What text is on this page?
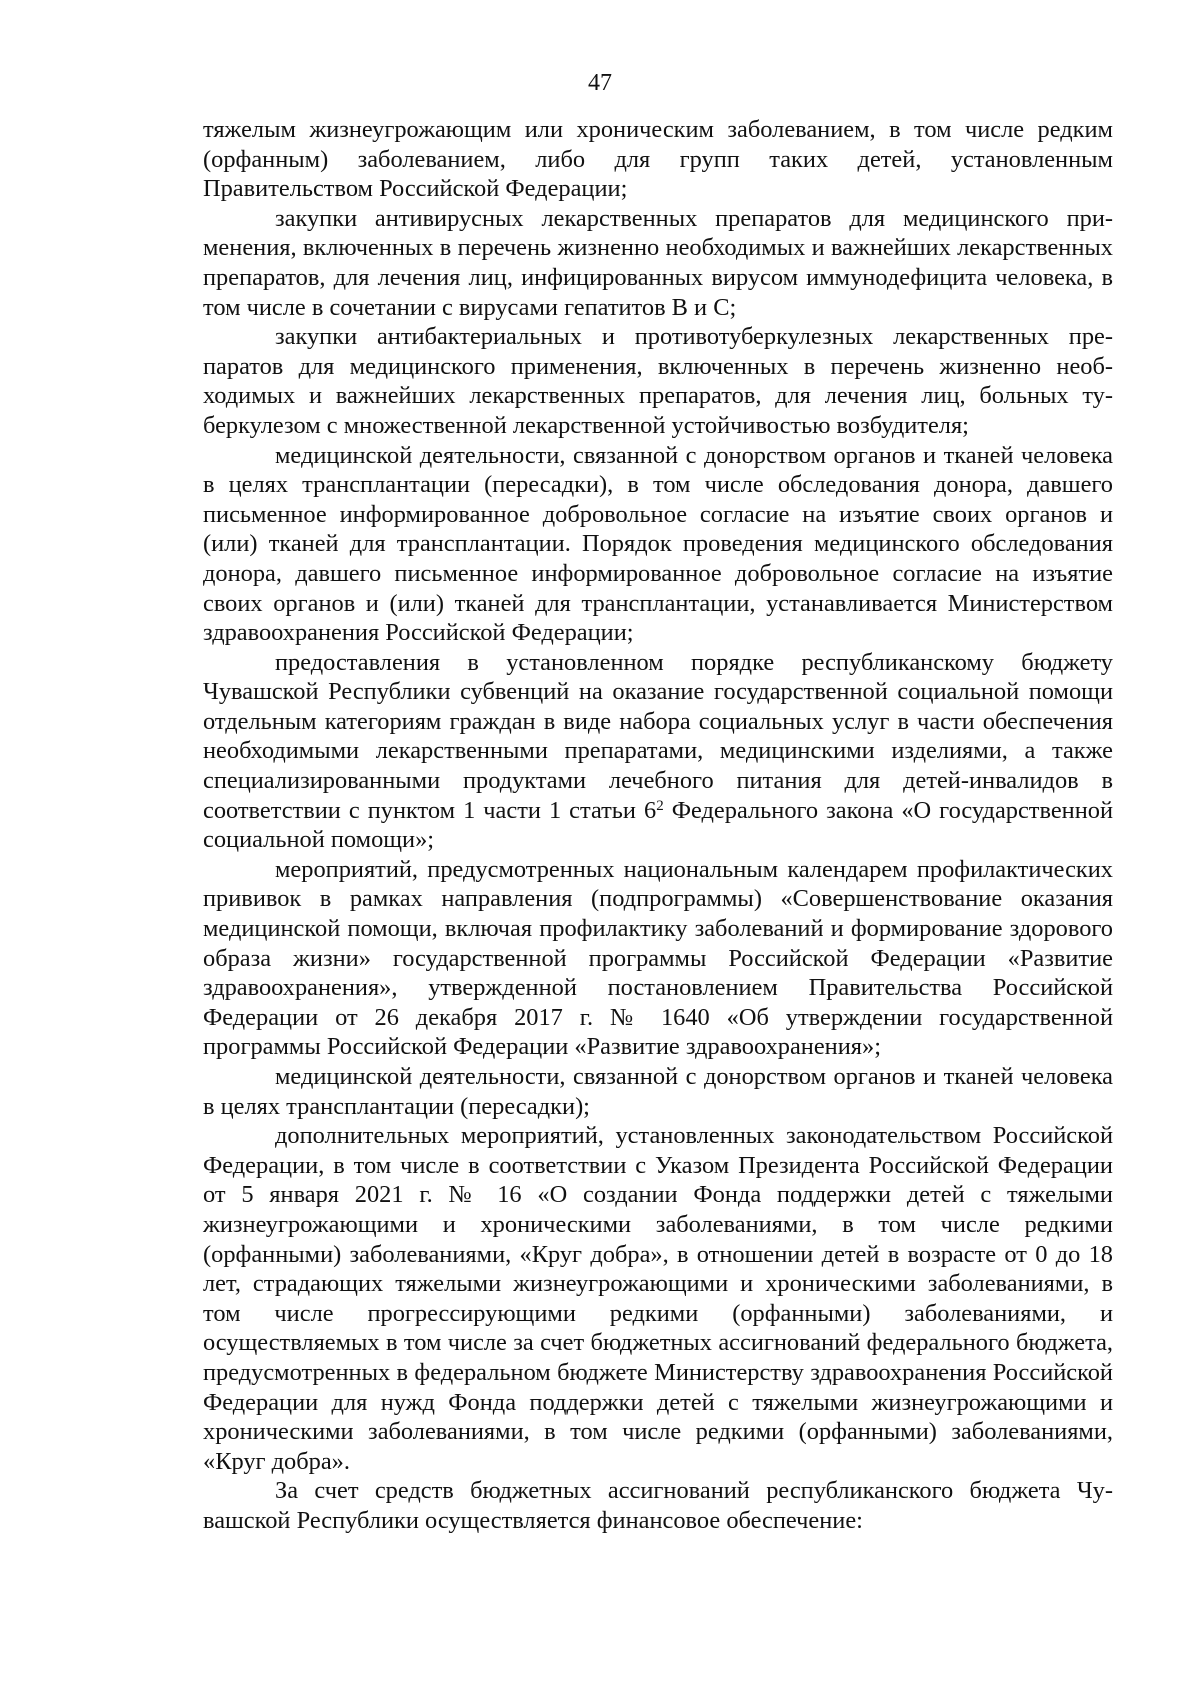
47

тяжелым жизнеугрожающим или хроническим заболеванием, в том числе редким (орфанным) заболеванием, либо для групп таких детей, установленным Правительством Российской Федерации;

закупки антивирусных лекарственных препаратов для медицинского применения, включенных в перечень жизненно необходимых и важнейших лекарственных препаратов, для лечения лиц, инфицированных вирусом иммунодефицита человека, в том числе в сочетании с вирусами гепатитов B и C;

закупки антибактериальных и противотуберкулезных лекарственных препаратов для медицинского применения, включенных в перечень жизненно необходимых и важнейших лекарственных препаратов, для лечения лиц, больных туберкулезом с множественной лекарственной устойчивостью возбудителя;

медицинской деятельности, связанной с донорством органов и тканей человека в целях трансплантации (пересадки), в том числе обследования донора, давшего письменное информированное добровольное согласие на изъятие своих органов и (или) тканей для трансплантации. Порядок проведения медицинского обследования донора, давшего письменное информированное добровольное согласие на изъятие своих органов и (или) тканей для трансплантации, устанавливается Министерством здравоохранения Российской Федерации;

предоставления в установленном порядке республиканскому бюджету Чувашской Республики субвенций на оказание государственной социальной помощи отдельным категориям граждан в виде набора социальных услуг в части обеспечения необходимыми лекарственными препаратами, медицинскими изделиями, а также специализированными продуктами лечебного питания для детей-инвалидов в соответствии с пунктом 1 части 1 статьи $6^2$ Федерального закона «О государственной социальной помощи»;

мероприятий, предусмотренных национальным календарем профилактических прививок в рамках направления (подпрограммы) «Совершенствование оказания медицинской помощи, включая профилактику заболеваний и формирование здорового образа жизни» государственной программы Российской Федерации «Развитие здравоохранения», утвержденной постановлением Правительства Российской Федерации от 26 декабря 2017 г. № 1640 «Об утверждении государственной программы Российской Федерации «Развитие здравоохранения»;

медицинской деятельности, связанной с донорством органов и тканей человека в целях трансплантации (пересадки);

дополнительных мероприятий, установленных законодательством Российской Федерации, в том числе в соответствии с Указом Президента Российской Федерации от 5 января 2021 г. № 16 «О создании Фонда поддержки детей с тяжелыми жизнеугрожающими и хроническими заболеваниями, в том числе редкими (орфанными) заболеваниями, «Круг добра», в отношении детей в возрасте от 0 до 18 лет, страдающих тяжелыми жизнеугрожающими и хроническими заболеваниями, в том числе прогрессирующими редкими (орфанными) заболеваниями, и осуществляемых в том числе за счет бюджетных ассигнований федерального бюджета, предусмотренных в федеральном бюджете Министерству здравоохранения Российской Федерации для нужд Фонда поддержки детей с тяжелыми жизнеугрожающими и хроническими заболеваниями, в том числе редкими (орфанными) заболеваниями, «Круг добра».

За счет средств бюджетных ассигнований республиканского бюджета Чувашской Республики осуществляется финансовое обеспечение:
